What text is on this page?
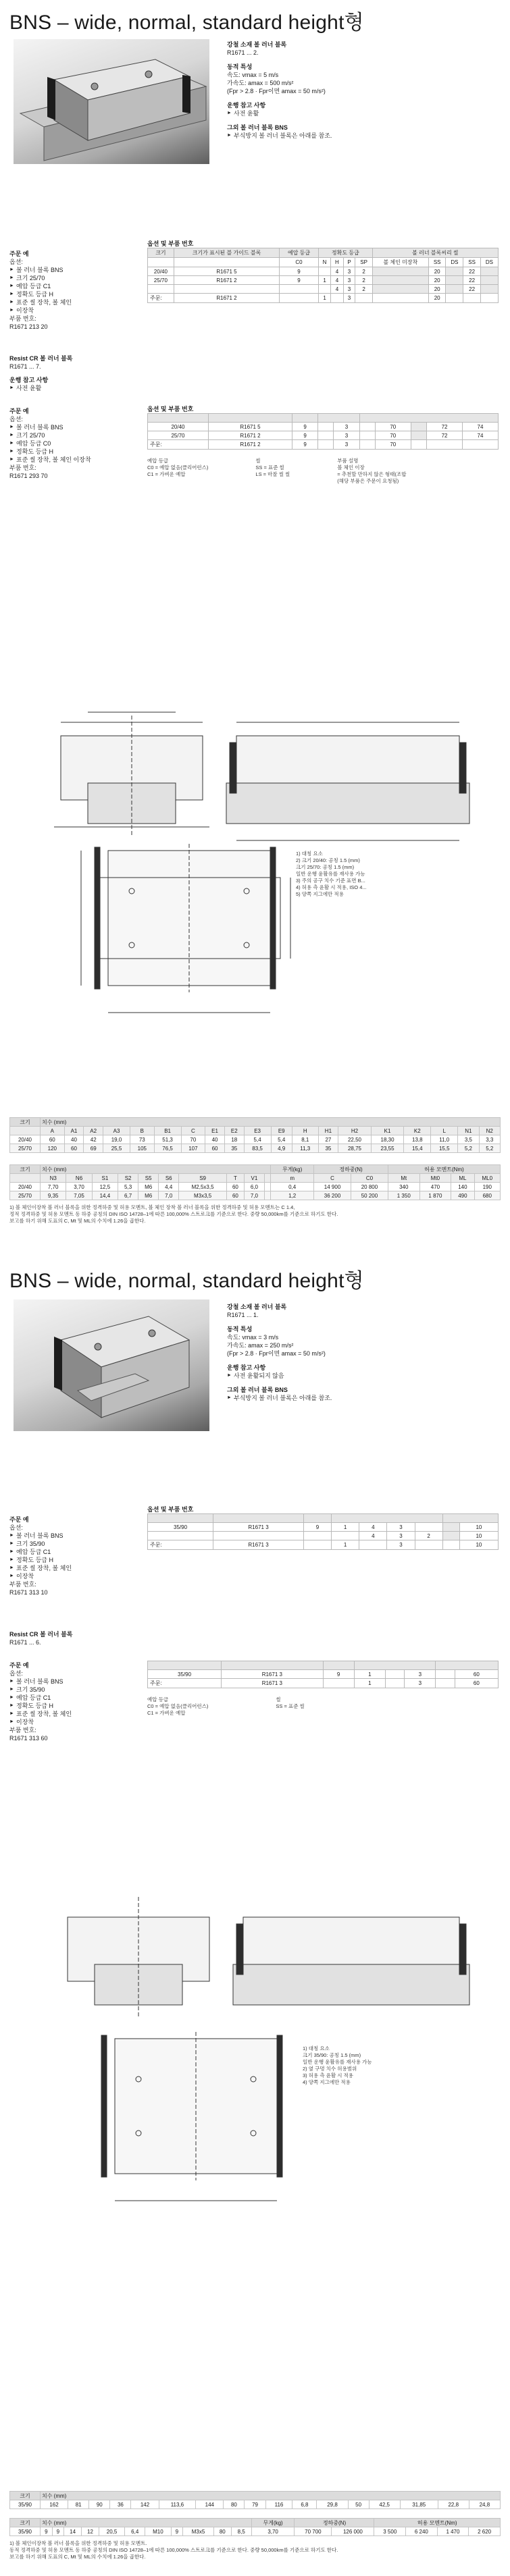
BNS – wide, normal, standard height형
강철 소재 볼 러너 블록
R1671 ... 2.
동적 특성
속도: vmax = 5 m/s
가속도: amax = 500 m/s²
(Fpr > 2.8 · Fpr이면 amax = 50 m/s²)
운행 참고 사항
► 사전 윤활
그외 볼 러너 블록 BNS
► 부식방지 볼 러너 블록은 아래를 참조.
주문 예
옵션:
► 볼 러너 블록 BNS
► 크기 25/70
► 예압 등급 C1
► 정확도 등급 H
► 표준 씰 장착, 볼 체인
► 이장착
부품 번호:
R1671 213 20
옵션 및 부품 번호
크기	크기가 표시된 블 가이드 블록	예압 등급	정확도 등급				볼 러너 블록씨리 씰				
		C0	N	H	P	SP	볼 체인 미장착	SS	DS	SS	DS
20/40	R1671 5	9		4	3	2		20		22	
25/70	R1671 2	9	1	4	3	2		20		22	
				4	3	2		20		22	
주문:	R1671 2		1		3			20			
Resist CR 볼 러너 블록
R1671 ... 7.
운행 참고 사항
► 사전 윤활
주문 예
옵션:
► 볼 러너 블록 BNS
► 크기 25/70
► 예압 등급 C0
► 정확도 등급 H
► 표준 씰 장착, 볼 체인 이장착
부품 번호:
R1671 293 70
옵션 및 부품 번호

20/40	R1671 5	9		3		70		72	74
25/70	R1671 2	9		3		70		72	74
주문:	R1671 2	9		3		70			
예압 등급
C0 = 예압 없음(클리어런스)
C1 = 가벼운 예압
씰
SS = 표준 씰
LS = 마찰 씰 씰
부품 설명
볼 체인 이장
= 추천할 만하지 않은 형태(조합
(해당 부품은 주문이 요청됨)
1) 대칭 요소
2) 크기 20/40: 공칭 1.5 (mm)
크기 25/70: 공칭 1.5 (mm)
일반 운행 윤활유를 재사용 가능
3) 주의 공구 치수 기준 표면 B...
4) 허용 측 윤활 시 적용, ISO 4...
5) 양쪽 지그에만 적용
크기	치수 (mm)																		
	A	A1	A2	A3	B	B1	C	E1	E2	E3	E9	H	H1	H2	K1	K2	L	N1	N2
20/40	60	40	42	19,0	73	51,3	70	40	18	5,4	5,4	8,1	27	22,50	18,30	13,8	11,0	3,5	3,3
25/70	120	60	69	25,5	105	76,5	107	60	35	83,5	4,9	11,3	35	28,75	23,55	15,4	15,5	5,2	5,2
크기	치수 (mm)										무게(kg)	정하중(N)		허용 모멘트(Nm)			
	N3	N6	S1	S2	S5	S6	S9	T	V1		m	C	C0	Mt	Mt0	ML	ML0
20/40	7,70	3,70	12,5	5,3	M6	4,4	M2,5x3,5	60	6,0		0,4	14 900	20 800	340	470	140	190
25/70	9,35	7,05	14,4	6,7	M6	7,0	M3x3,5	60	7,0		1,2	36 200	50 200	1 350	1 870	490	680
1) 볼 체인이장착 볼 러너 블록을 위한 정격하중 및 허용 모멘트, 볼 체인 장착 볼 러너 블록을 위한 정격하중 및 허용 모멘트는 C 1.4,
정적 정격하중 및 허용 모멘트 동 하중 공칭의 DIN ISO 14728–1에 따른 100,000% 스트로크를 기준으로 한다. 중량 50,000km를 기준으로 하기도 한다.
보고를 하기 위해 도표의 C, Mt 및 ML의 수치에 1.26을 곱한다.
BNS – wide, normal, standard height형
강철 소재 볼 러너 블록
R1671 ... 1.
동적 특성
속도: vmax = 3 m/s
가속도: amax = 250 m/s²
(Fpr > 2.8 · Fpr이면 amax = 50 m/s²)
운행 참고 사항
► 사전 윤활되지 않음
그외 볼 러너 블록 BNS
► 부식방지 볼 러너 블록은 아래를 참조.
주문 예
옵션:
► 볼 러너 블록 BNS
► 크기 35/90
► 예압 등급 C1
► 정확도 등급 H
► 표준 씰 장착, 볼 체인
► 이장착
부품 번호:
R1671 313 10
옵션 및 부품 번호

35/90	R1671 3	9	1	4	3			10
				4	3	2		10
주문:	R1671 3		1		3			10
Resist CR 볼 러너 블록
R1671 ... 6.
주문 예
옵션:
► 볼 러너 블록 BNS
► 크기 35/90
► 예압 등급 C1
► 정확도 등급 H
► 표준 씰 장착, 볼 체인
► 이장착
부품 번호:
R1671 313 60

35/90	R1671 3	9	1		3		60
주문:	R1671 3		1		3		60
예압 등급
C0 = 예압 없음(클리어런스)
C1 = 가벼운 예압
씰
SS = 표준 씰
1) 대칭 요소
크기 35/90: 공칭 1.5 (mm)
일반 운행 윤활유를 재사용 가능
2) 옆 구멍 치수 허용범위
3) 허용 측 윤활 시 적용
4) 양쪽 지그에만 적용
크기	치수 (mm)																
35/90	162	81	90	36	142	113,6	144	80	79	116	6,8	29,8	50	42,5	31,85	22,8	24,8
크기	치수 (mm)											무게(kg)	정하중(N)		허용 모멘트(Nm)			
35/90	9	9	14	12	20,5	6,4	M10	9	M3x5	80	8,5	3,70	70 700	126 000	3 500	6 240	1 470	2 620
1) 볼 체인이장착 볼 러너 블록을 위한 정격하중 및 허용 모멘트.
동적 정격하중 및 허용 모멘트 동 하중 공칭의 DIN ISO 14728–1에 따른 100,000% 스트로크를 기준으로 한다. 중량 50,000km를 기준으로 하기도 한다.
보고를 하기 위해 도표의 C, Mt 및 ML의 수치에 1.26을 곱한다.
